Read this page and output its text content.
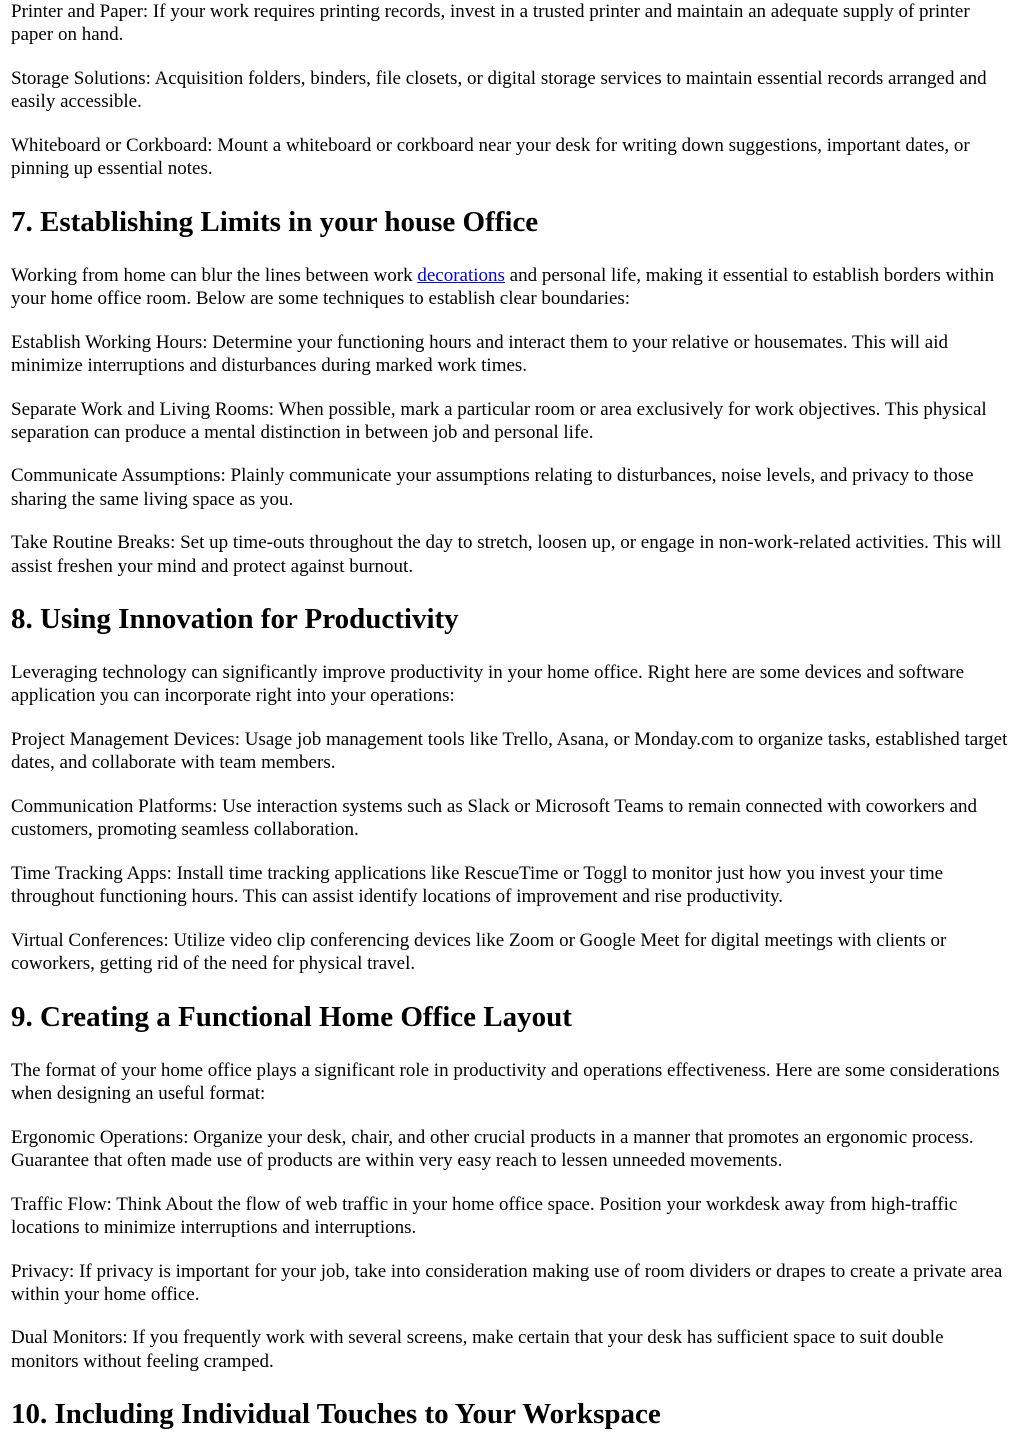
Printer and Paper: If your work requires printing records, invest in a trusted printer and maintain an adequate supply of printer paper on hand.

Storage Solutions: Acquisition folders, binders, file closets, or digital storage services to maintain essential records arranged and easily accessible.

Whiteboard or Corkboard: Mount a whiteboard or corkboard near your desk for writing down suggestions, important dates, or pinning up essential notes.

7. Establishing Limits in your house Office

Working from home can blur the lines between work decorations and personal life, making it essential to establish borders within your home office room. Below are some techniques to establish clear boundaries:

Establish Working Hours: Determine your functioning hours and interact them to your relative or housemates. This will aid minimize interruptions and disturbances during marked work times.

Separate Work and Living Rooms: When possible, mark a particular room or area exclusively for work objectives. This physical separation can produce a mental distinction in between job and personal life.

Communicate Assumptions: Plainly communicate your assumptions relating to disturbances, noise levels, and privacy to those sharing the same living space as you.

Take Routine Breaks: Set up time-outs throughout the day to stretch, loosen up, or engage in non-work-related activities. This will assist freshen your mind and protect against burnout.

8. Using Innovation for Productivity

Leveraging technology can significantly improve productivity in your home office. Right here are some devices and software application you can incorporate right into your operations:

Project Management Devices: Usage job management tools like Trello, Asana, or Monday.com to organize tasks, established target dates, and collaborate with team members.

Communication Platforms: Use interaction systems such as Slack or Microsoft Teams to remain connected with coworkers and customers, promoting seamless collaboration.

Time Tracking Apps: Install time tracking applications like RescueTime or Toggl to monitor just how you invest your time throughout functioning hours. This can assist identify locations of improvement and rise productivity.

Virtual Conferences: Utilize video clip conferencing devices like Zoom or Google Meet for digital meetings with clients or coworkers, getting rid of the need for physical travel.

9. Creating a Functional Home Office Layout

The format of your home office plays a significant role in productivity and operations effectiveness. Here are some considerations when designing an useful format:

Ergonomic Operations: Organize your desk, chair, and other crucial products in a manner that promotes an ergonomic process. Guarantee that often made use of products are within very easy reach to lessen unneeded movements.

Traffic Flow: Think About the flow of web traffic in your home office space. Position your workdesk away from high-traffic locations to minimize interruptions and interruptions.

Privacy: If privacy is important for your job, take into consideration making use of room dividers or drapes to create a private area within your home office.

Dual Monitors: If you frequently work with several screens, make certain that your desk has sufficient space to suit double monitors without feeling cramped.

10. Including Individual Touches to Your Workspace
